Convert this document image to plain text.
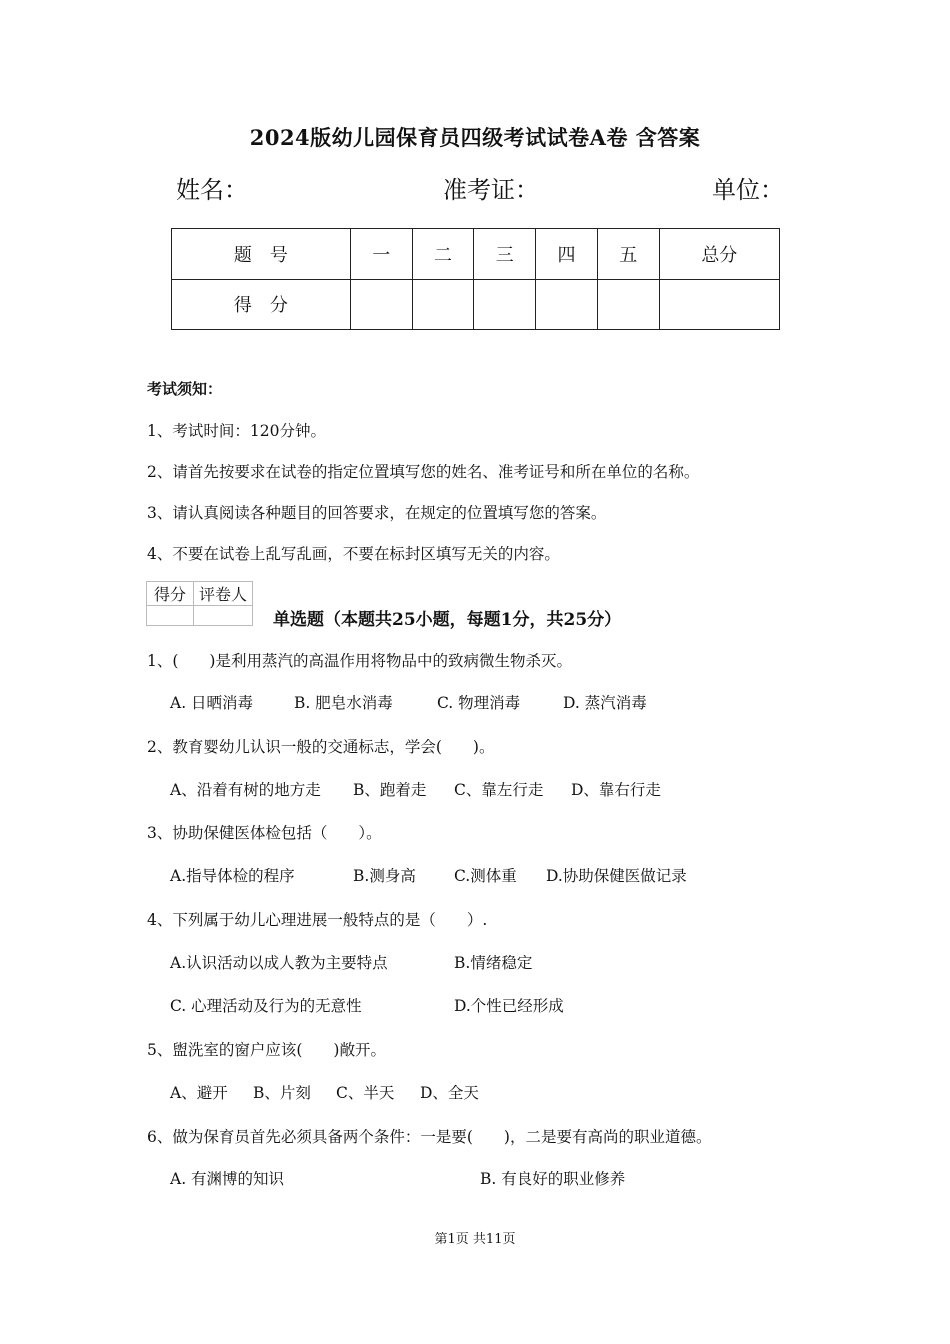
2024版幼儿园保育员四级考试试卷A卷 含答案
姓名：	准考证：	单位：
题　号	一	二	三	四	五	总分
得　分						
考试须知：
1、考试时间：120分钟。
2、请首先按要求在试卷的指定位置填写您的姓名、准考证号和所在单位的名称。
3、请认真阅读各种题目的回答要求，在规定的位置填写您的答案。
4、不要在试卷上乱写乱画，不要在标封区填写无关的内容。
得分	评卷人

单选题（本题共25小题，每题1分，共25分）
1、(　　)是利用蒸汽的高温作用将物品中的致病微生物杀灭。
A. 日晒消毒	B. 肥皂水消毒	C. 物理消毒	D. 蒸汽消毒
2、教育婴幼儿认识一般的交通标志，学会(　　)。
A、沿着有树的地方走 B、跑着走 C、靠左行走 D、靠右行走
3、协助保健医体检包括（　　）。
A.指导体检的程序	B.测身高 C.测体重 D.协助保健医做记录
4、下列属于幼儿心理进展一般特点的是（　　）.
A.认识活动以成人教为主要特点	B.情绪稳定
C. 心理活动及行为的无意性	D.个性已经形成
5、盥洗室的窗户应该(　　)敞开。
A、避开 B、片刻 C、半天 D、全天
6、做为保育员首先必须具备两个条件：一是要(　　)，二是要有高尚的职业道德。
A. 有渊博的知识	B. 有良好的职业修养
第1页 共11页
